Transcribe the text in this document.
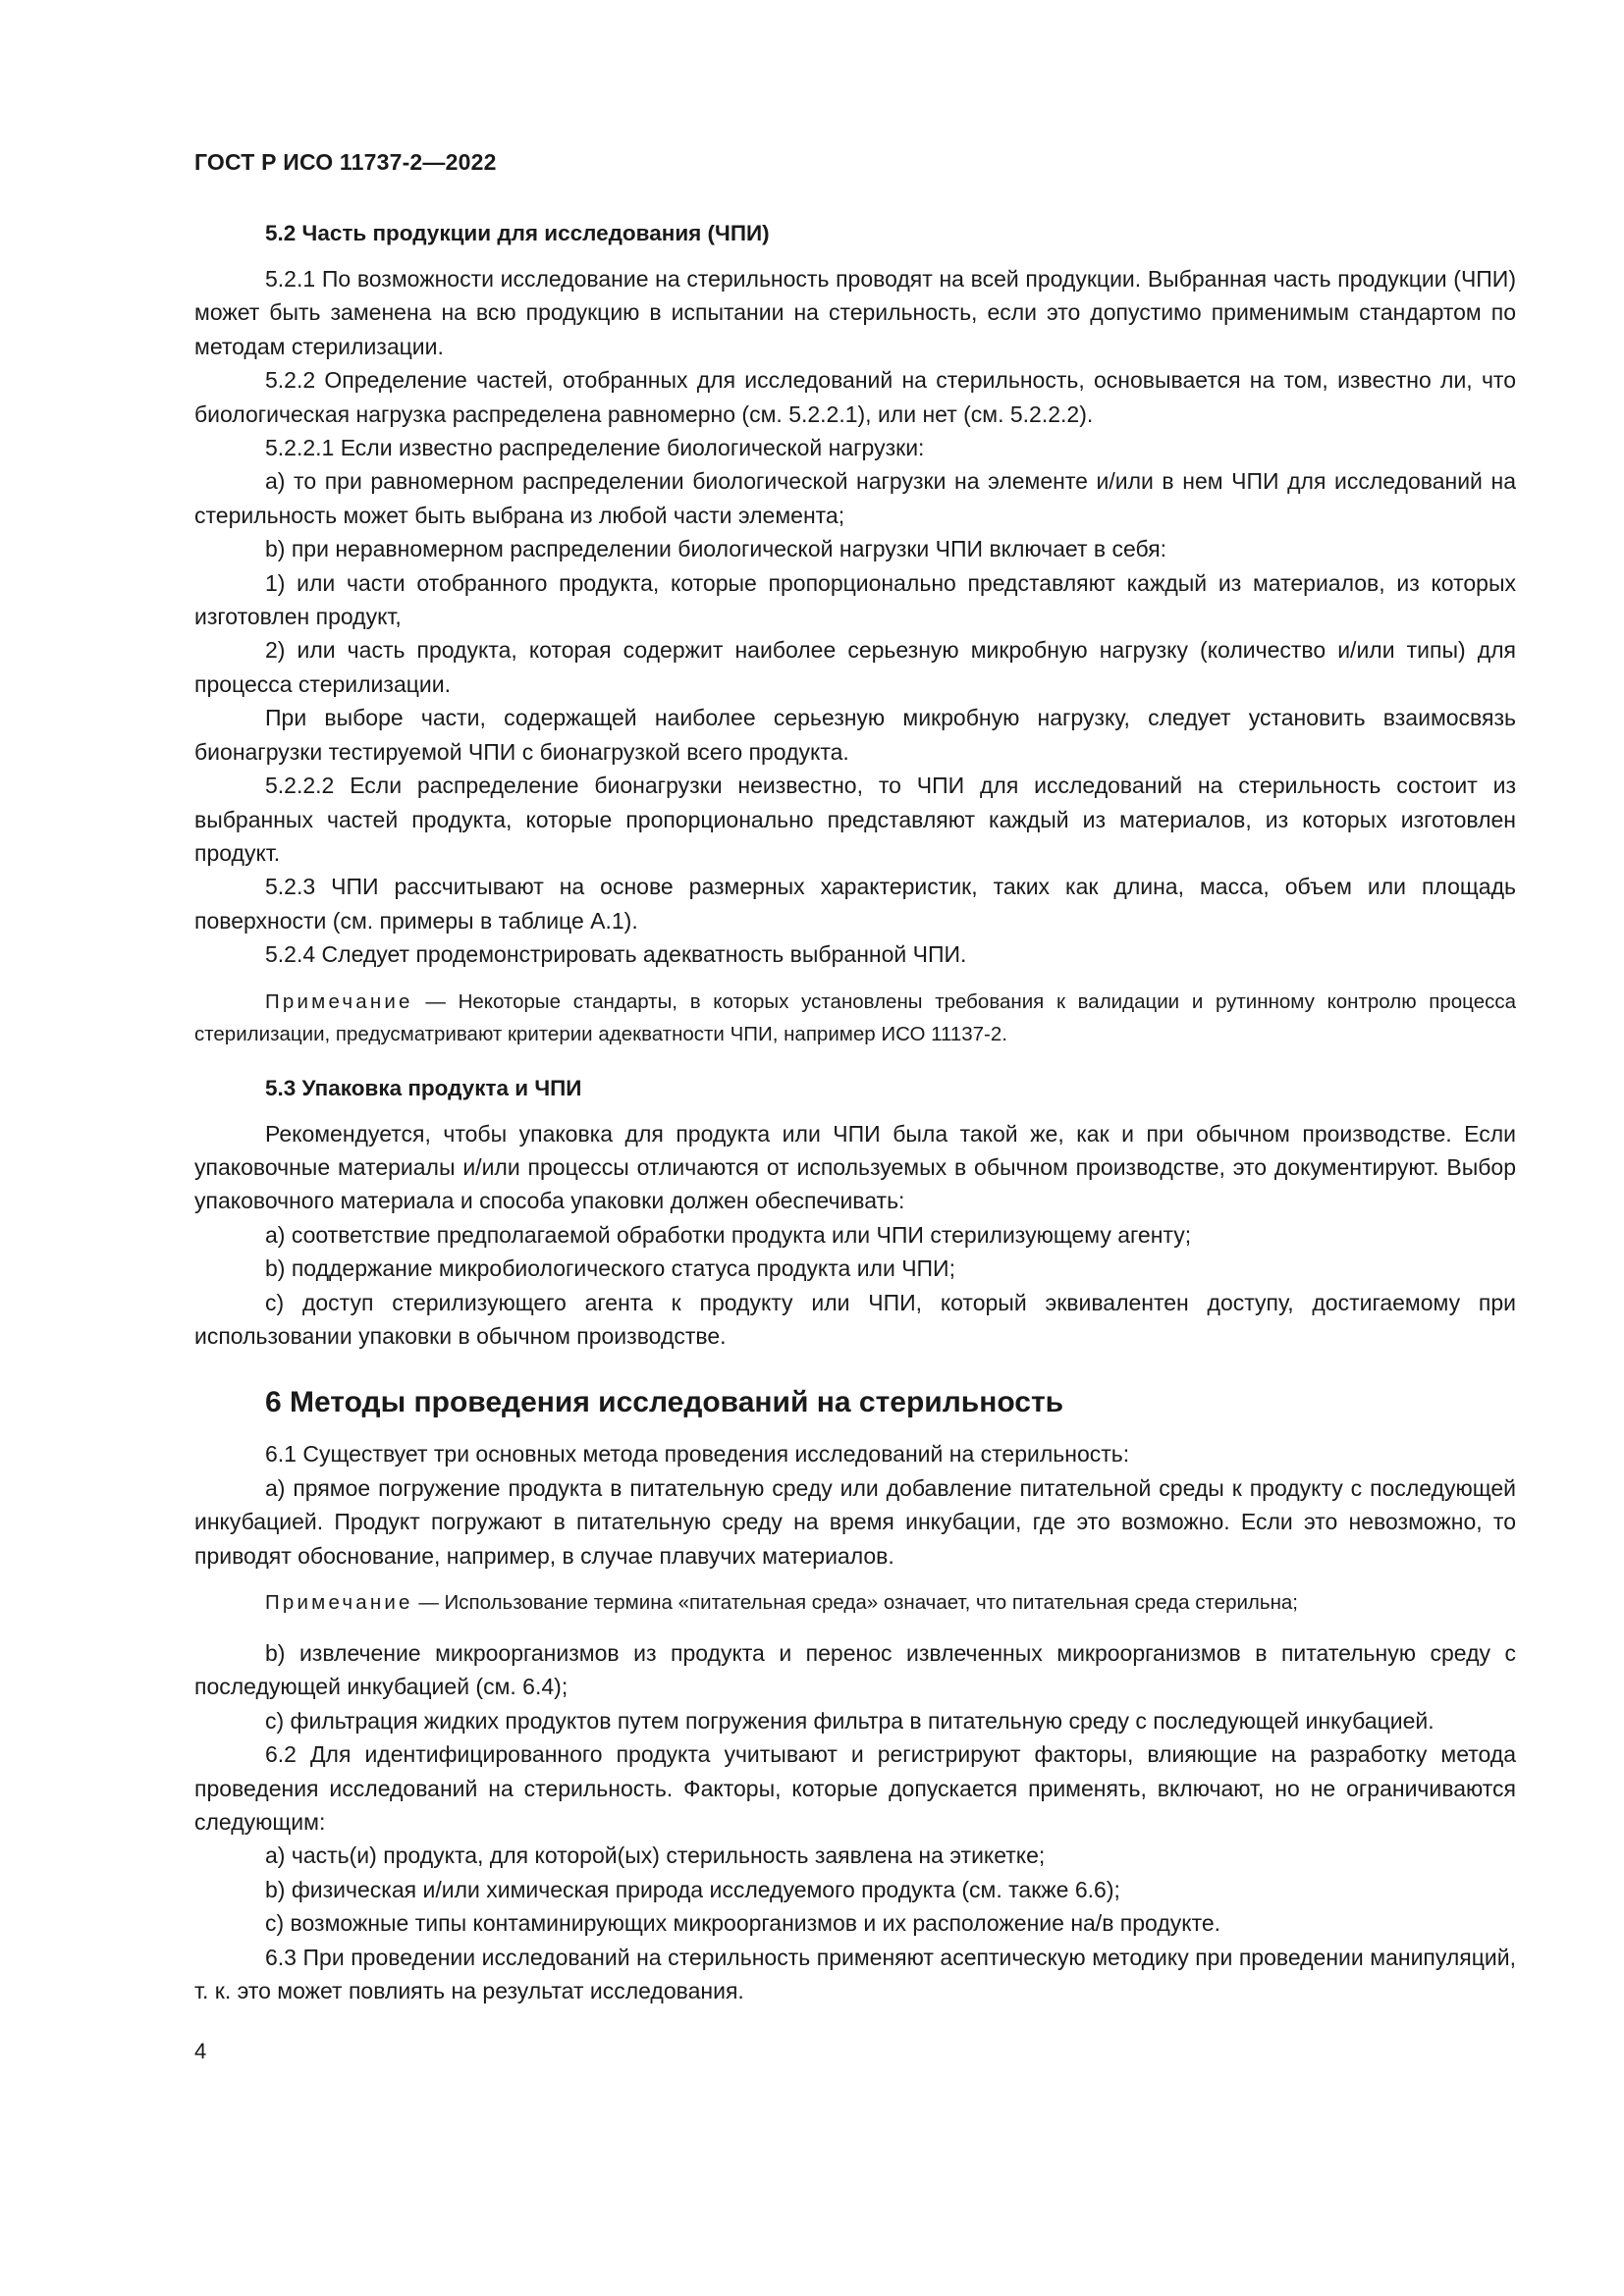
ГОСТ Р ИСО 11737-2—2022
5.2 Часть продукции для исследования (ЧПИ)

5.2.1 По возможности исследование на стерильность проводят на всей продукции. Выбранная часть продукции (ЧПИ) может быть заменена на всю продукцию в испытании на стерильность, если это допустимо применимым стандартом по методам стерилизации.

5.2.2 Определение частей, отобранных для исследований на стерильность, основывается на том, известно ли, что биологическая нагрузка распределена равномерно (см. 5.2.2.1), или нет (см. 5.2.2.2).

5.2.2.1 Если известно распределение биологической нагрузки:

а) то при равномерном распределении биологической нагрузки на элементе и/или в нем ЧПИ для исследований на стерильность может быть выбрана из любой части элемента;

b) при неравномерном распределении биологической нагрузки ЧПИ включает в себя:

1) или части отобранного продукта, которые пропорционально представляют каждый из материалов, из которых изготовлен продукт,

2) или часть продукта, которая содержит наиболее серьезную микробную нагрузку (количество и/или типы) для процесса стерилизации.

При выборе части, содержащей наиболее серьезную микробную нагрузку, следует установить взаимосвязь бионагрузки тестируемой ЧПИ с бионагрузкой всего продукта.

5.2.2.2 Если распределение бионагрузки неизвестно, то ЧПИ для исследований на стерильность состоит из выбранных частей продукта, которые пропорционально представляют каждый из материалов, из которых изготовлен продукт.

5.2.3 ЧПИ рассчитывают на основе размерных характеристик, таких как длина, масса, объем или площадь поверхности (см. примеры в таблице А.1).

5.2.4 Следует продемонстрировать адекватность выбранной ЧПИ.

Примечание — Некоторые стандарты, в которых установлены требования к валидации и рутинному контролю процесса стерилизации, предусматривают критерии адекватности ЧПИ, например ИСО 11137-2.

5.3 Упаковка продукта и ЧПИ

Рекомендуется, чтобы упаковка для продукта или ЧПИ была такой же, как и при обычном производстве. Если упаковочные материалы и/или процессы отличаются от используемых в обычном производстве, это документируют. Выбор упаковочного материала и способа упаковки должен обеспечивать:

а) соответствие предполагаемой обработки продукта или ЧПИ стерилизующему агенту;

b) поддержание микробиологического статуса продукта или ЧПИ;

с) доступ стерилизующего агента к продукту или ЧПИ, который эквивалентен доступу, достигаемому при использовании упаковки в обычном производстве.

6 Методы проведения исследований на стерильность

6.1 Существует три основных метода проведения исследований на стерильность:

а) прямое погружение продукта в питательную среду или добавление питательной среды к продукту с последующей инкубацией. Продукт погружают в питательную среду на время инкубации, где это возможно. Если это невозможно, то приводят обоснование, например, в случае плавучих материалов.

Примечание — Использование термина «питательная среда» означает, что питательная среда стерильна;

b) извлечение микроорганизмов из продукта и перенос извлеченных микроорганизмов в питательную среду с последующей инкубацией (см. 6.4);

с) фильтрация жидких продуктов путем погружения фильтра в питательную среду с последующей инкубацией.

6.2 Для идентифицированного продукта учитывают и регистрируют факторы, влияющие на разработку метода проведения исследований на стерильность. Факторы, которые допускается применять, включают, но не ограничиваются следующим:

а) часть(и) продукта, для которой(ых) стерильность заявлена на этикетке;

b) физическая и/или химическая природа исследуемого продукта (см. также 6.6);

с) возможные типы контаминирующих микроорганизмов и их расположение на/в продукте.

6.3 При проведении исследований на стерильность применяют асептическую методику при проведении манипуляций, т. к. это может повлиять на результат исследования.

4
